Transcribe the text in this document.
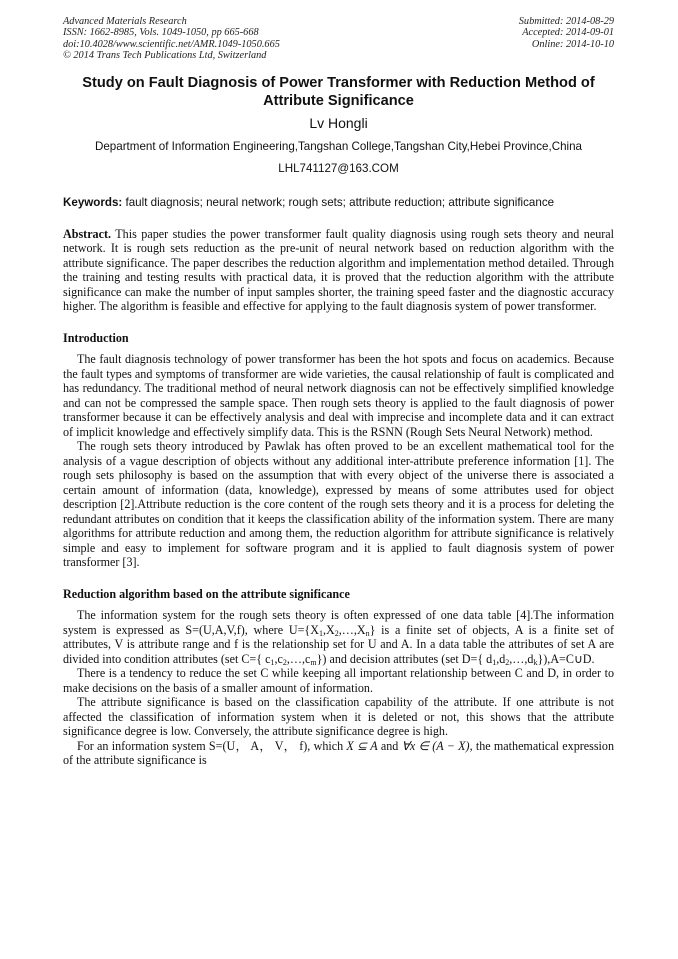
Advanced Materials Research
ISSN: 1662-8985, Vols. 1049-1050, pp 665-668
doi:10.4028/www.scientific.net/AMR.1049-1050.665
© 2014 Trans Tech Publications Ltd, Switzerland
Submitted: 2014-08-29
Accepted: 2014-09-01
Online: 2014-10-10
Study on Fault Diagnosis of Power Transformer with Reduction Method of Attribute Significance
Lv Hongli
Department of Information Engineering,Tangshan College,Tangshan City,Hebei Province,China
LHL741127@163.COM
Keywords: fault diagnosis; neural network; rough sets; attribute reduction; attribute significance

Abstract. This paper studies the power transformer fault quality diagnosis using rough sets theory and neural network. It is rough sets reduction as the pre-unit of neural network based on reduction algorithm with the attribute significance. The paper describes the reduction algorithm and implementation method detailed. Through the training and testing results with practical data, it is proved that the reduction algorithm with the attribute significance can make the number of input samples shorter, the training speed faster and the diagnostic accuracy higher. The algorithm is feasible and effective for applying to the fault diagnosis system of power transformer.

Introduction

The fault diagnosis technology of power transformer has been the hot spots and focus on academics. Because the fault types and symptoms of transformer are wide varieties, the causal relationship of fault is complicated and has redundancy. The traditional method of neural network diagnosis can not be effectively simplified knowledge and can not be compressed the sample space. Then rough sets theory is applied to the fault diagnosis of power transformer because it can be effectively analysis and deal with imprecise and incomplete data and it can extract of implicit knowledge and effectively simplify data. This is the RSNN (Rough Sets Neural Network) method.

The rough sets theory introduced by Pawlak has often proved to be an excellent mathematical tool for the analysis of a vague description of objects without any additional inter-attribute preference information [1]. The rough sets philosophy is based on the assumption that with every object of the universe there is associated a certain amount of information (data, knowledge), expressed by means of some attributes used for object description [2].Attribute reduction is the core content of the rough sets theory and it is a process for deleting the redundant attributes on condition that it keeps the classification ability of the information system. There are many algorithms for attribute reduction and among them, the reduction algorithm for attribute significance is relatively simple and easy to implement for software program and it is applied to fault diagnosis system of power transformer [3].

Reduction algorithm based on the attribute significance

The information system for the rough sets theory is often expressed of one data table [4].The information system is expressed as S=(U,A,V,f), where $U=\{X_1,X_2,\dots,X_n\}$ is a finite set of objects, A is a finite set of attributes, V is attribute range and f is the relationship set for U and A. In a data table the attributes of set A are divided into condition attributes (set C={ $c_1,c_2,\dots,c_m$}) and decision attributes (set D={ $d_1,d_2,\dots,d_k\}),A=C\cup D$.

There is a tendency to reduce the set C while keeping all important relationship between C and D, in order to make decisions on the basis of a smaller amount of information.

The attribute significance is based on the classification capability of the attribute. If one attribute is not affected the classification of information system when it is deleted or not, this shows that the attribute significance degree is low. Conversely, the attribute significance degree is high.

For an information system S=(U， A， V， f), which X ⊆ A and ∀x ∈ (A − X), the mathematical expression of the attribute significance is
